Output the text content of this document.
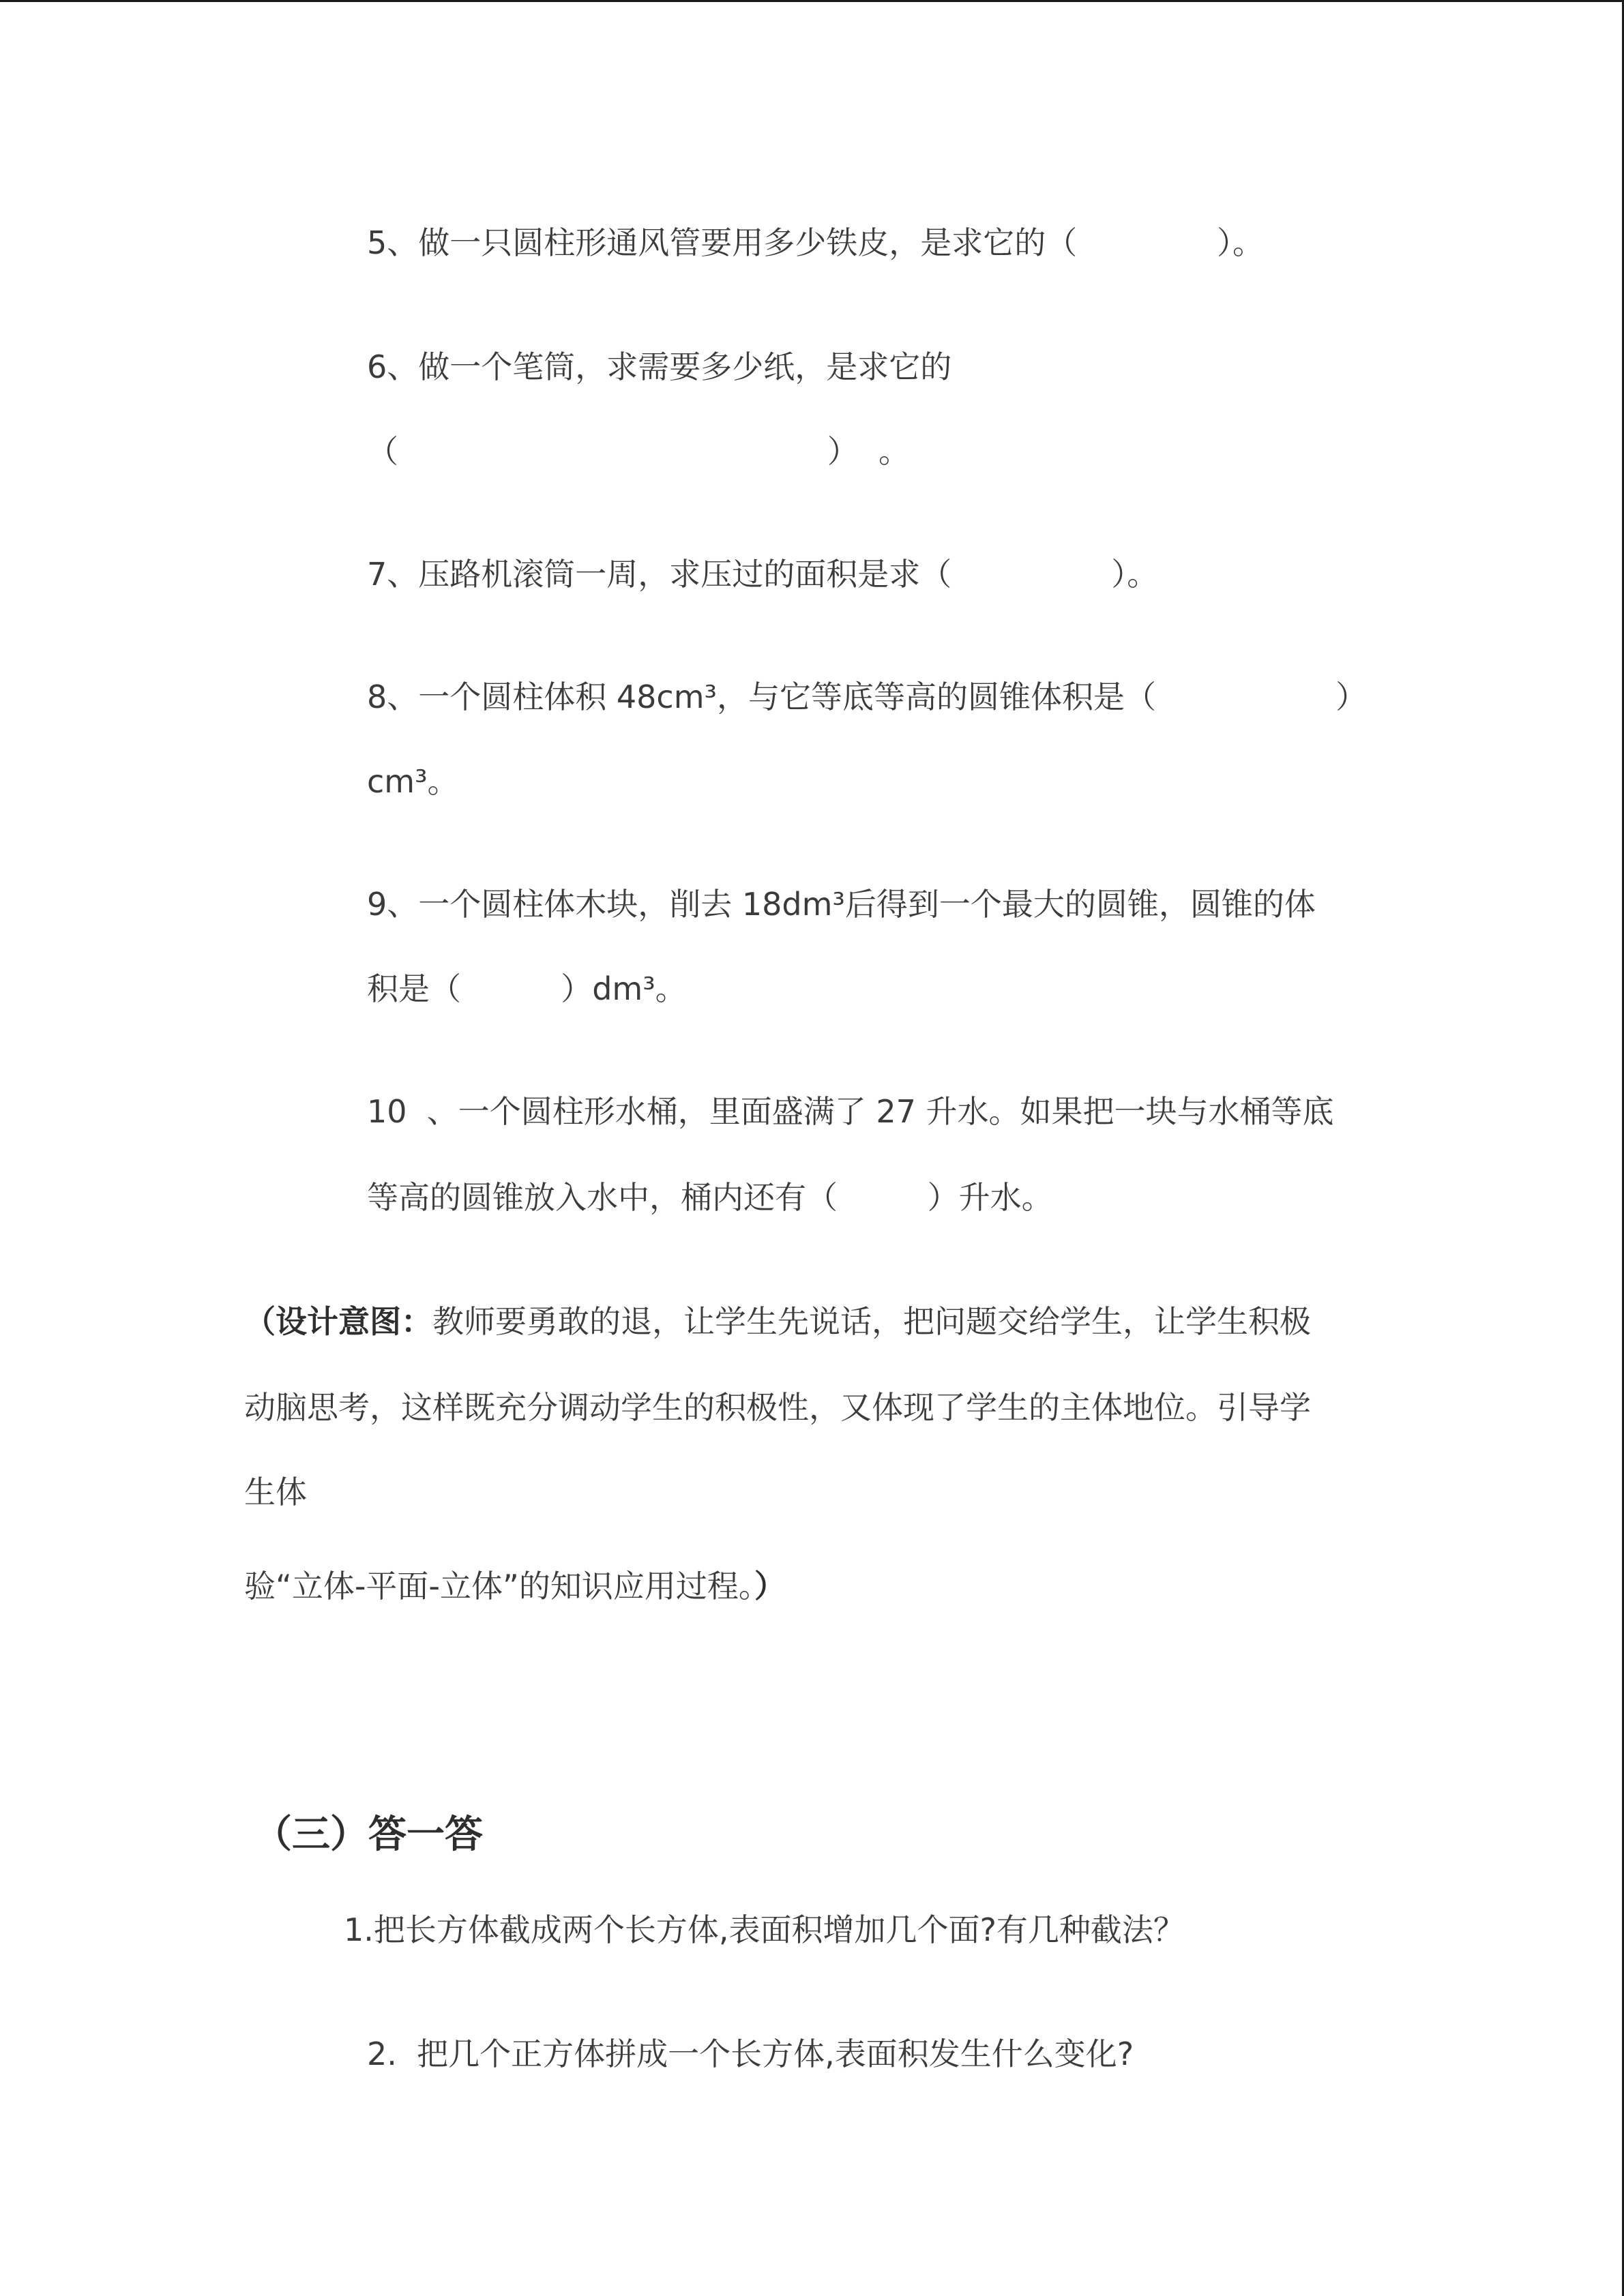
5、做一只圆柱形通风管要用多少铁皮，是求它的（              ）。
6、做一个笔筒，求需要多少纸，是求它的
（                                           ）  。
7、压路机滚筒一周，求压过的面积是求（                ）。
8、一个圆柱体积 48cm³，与它等底等高的圆锥体积是（                  ）
cm³。
9、一个圆柱体木块，削去 18dm³后得到一个最大的圆锥，圆锥的体
积是（          ）dm³。
10  、一个圆柱形水桶，里面盛满了 27 升水。如果把一块与水桶等底
等高的圆锥放入水中，桶内还有（         ）升水。
（设计意图：教师要勇敢的退，让学生先说话，把问题交给学生，让学生积极
动脑思考，这样既充分调动学生的积极性，又体现了学生的主体地位。引导学
生体
验“立体-平面-立体”的知识应用过程。）
（三）答一答
1.把长方体截成两个长方体,表面积增加几个面?有几种截法？
2.  把几个正方体拼成一个长方体,表面积发生什么变化?
